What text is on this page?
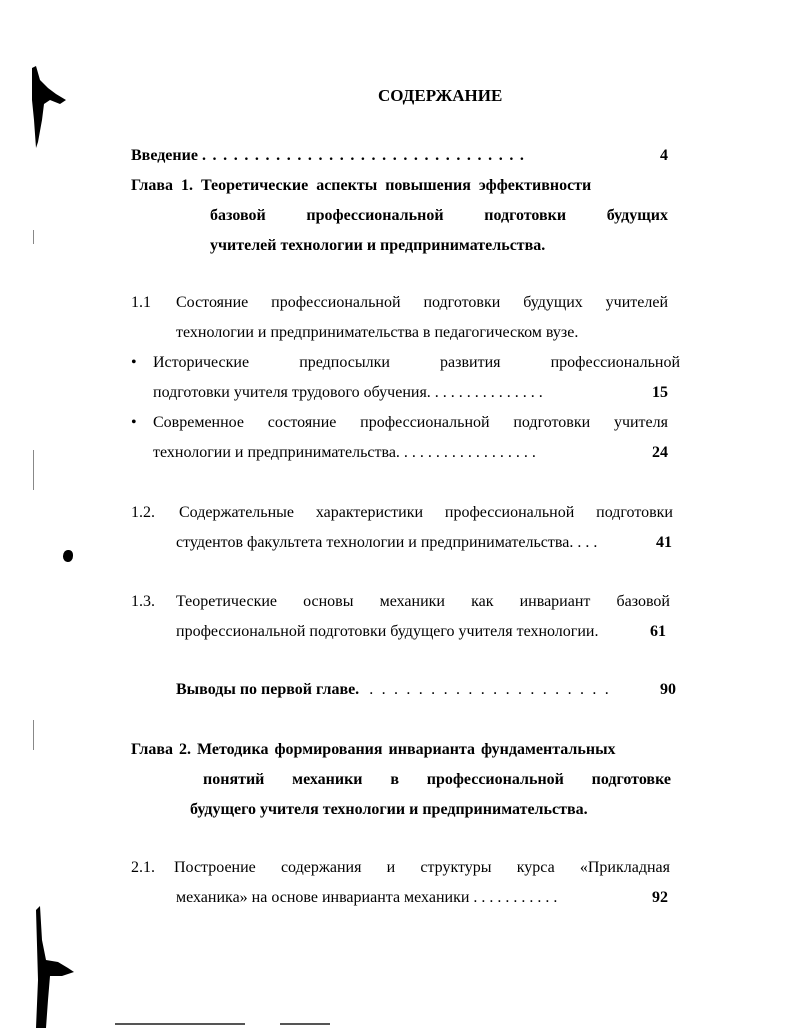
СОДЕРЖАНИЕ
Введение . . . . . . . . . . . . . . . . . . . . . . . . . . . . . . .	4
Глава 1. Теоретические аспекты повышения эффективности
базовой профессиональной подготовки будущих
учителей технологии и предпринимательства.
1.1 Состояние профессиональной подготовки будущих учителей
технологии и предпринимательства в педагогическом вузе.
• Исторические предпосылки развития профессиональной
подготовки учителя трудового обучения. . . . . . . . . . . . . . .	15
• Современное состояние профессиональной подготовки учителя
технологии и предпринимательства. . . . . . . . . . . . . . . . . .	24
1.2. Содержательные характеристики профессиональной подготовки
студентов факультета технологии и предпринимательства. . . .	41
1.3. Теоретические основы механики как инвариант базовой
профессиональной подготовки будущего учителя технологии.	61
Выводы по первой главе. . . . . . . . . . . . . . . . . . . . .	90
Глава 2. Методика формирования инварианта фундаментальных
понятий механики в профессиональной подготовке
будущего учителя технологии и предпринимательства.
2.1. Построение содержания и структуры курса «Прикладная
механика» на основе инварианта механики . . . . . . . . . . .	92
